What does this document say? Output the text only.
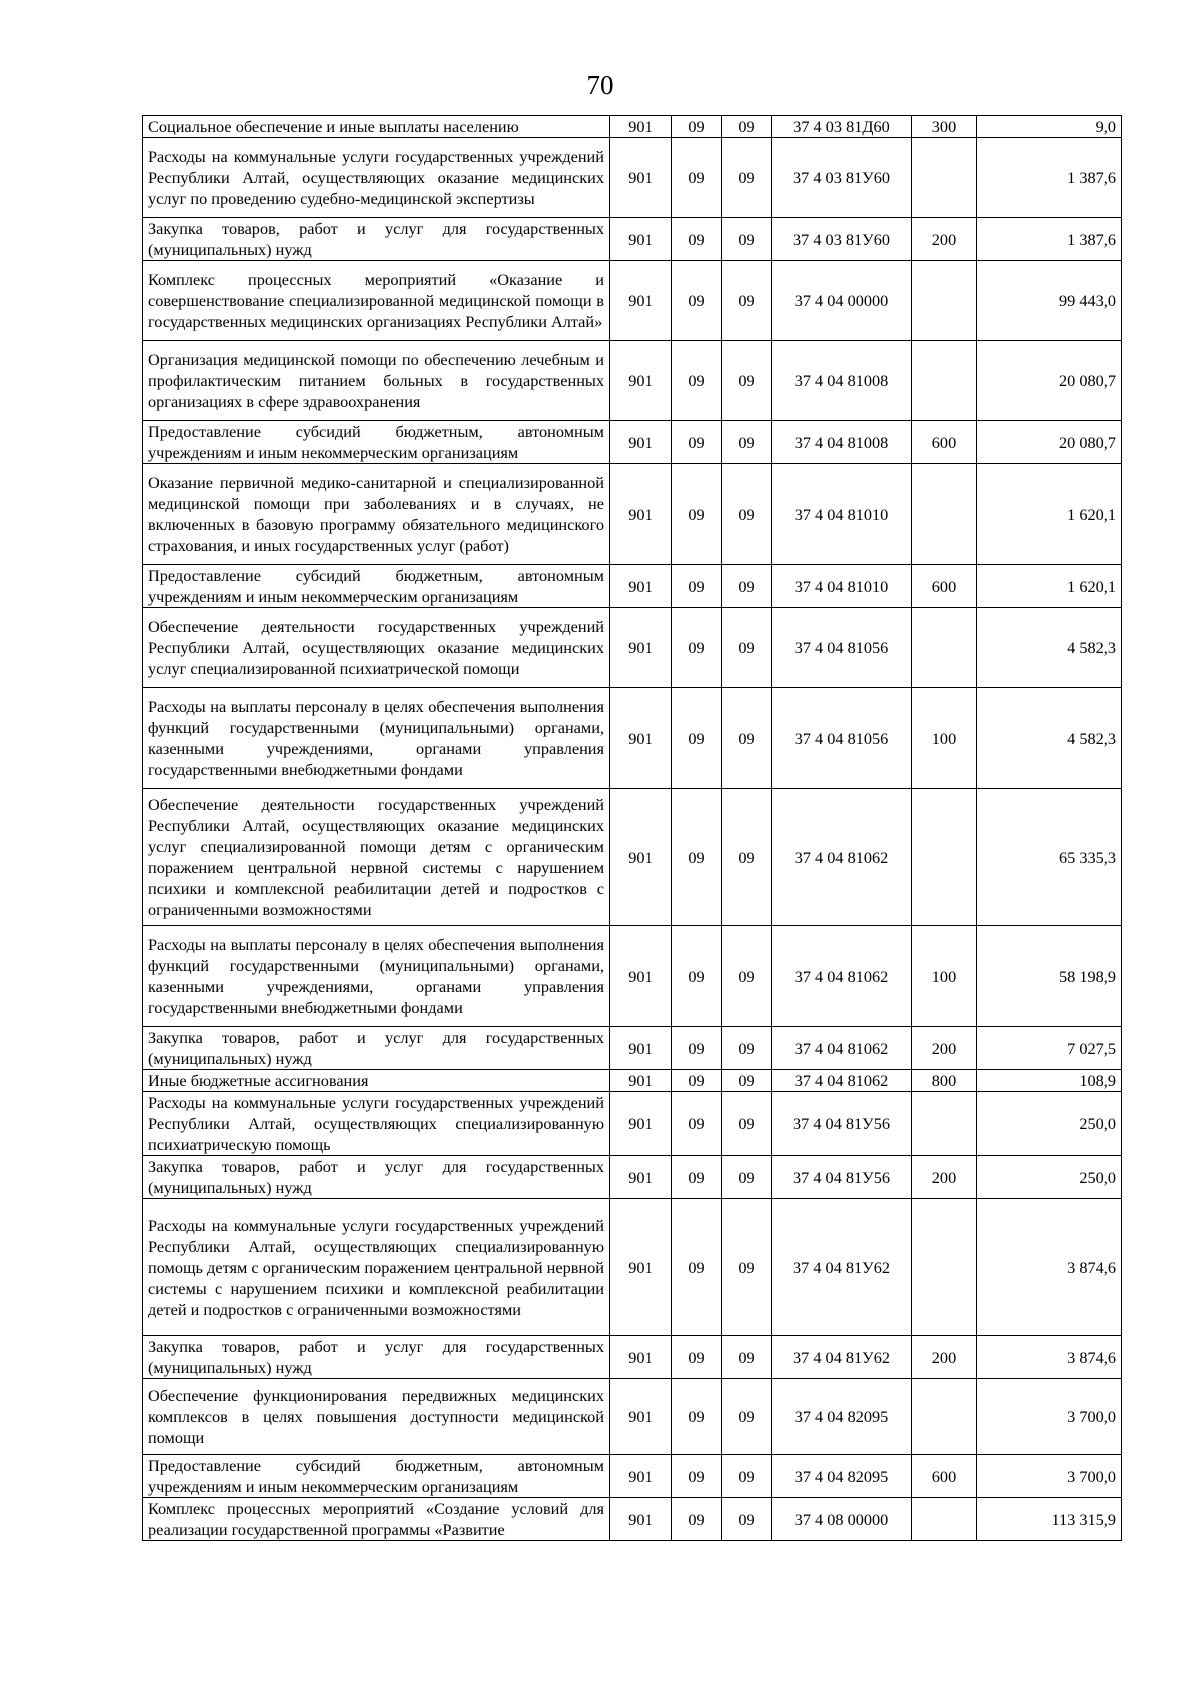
70
Социальное обеспечение и иные выплаты населению	901	09	09	37 4 03 81Д60	300	9,0
Расходы на коммунальные услуги государственных учреждений Республики Алтай, осуществляющих оказание медицинских услуг по проведению судебно-медицинской экспертизы	901	09	09	37 4 03 81У60		1 387,6
Закупка товаров, работ и услуг для государственных (муниципальных) нужд	901	09	09	37 4 03 81У60	200	1 387,6
Комплекс процессных мероприятий «Оказание и совершенствование специализированной медицинской помощи в государственных медицинских организациях Республики Алтай»	901	09	09	37 4 04 00000		99 443,0
Организация медицинской помощи по обеспечению лечебным и профилактическим питанием больных в государственных организациях в сфере здравоохранения	901	09	09	37 4 04 81008		20 080,7
Предоставление субсидий бюджетным, автономным учреждениям и иным некоммерческим организациям	901	09	09	37 4 04 81008	600	20 080,7
Оказание первичной медико-санитарной и специализированной медицинской помощи при заболеваниях и в случаях, не включенных в базовую программу обязательного медицинского страхования, и иных государственных услуг (работ)	901	09	09	37 4 04 81010		1 620,1
Предоставление субсидий бюджетным, автономным учреждениям и иным некоммерческим организациям	901	09	09	37 4 04 81010	600	1 620,1
Обеспечение деятельности государственных учреждений Республики Алтай, осуществляющих оказание медицинских услуг специализированной психиатрической помощи	901	09	09	37 4 04 81056		4 582,3
Расходы на выплаты персоналу в целях обеспечения выполнения функций государственными (муниципальными) органами, казенными учреждениями, органами управления государственными внебюджетными фондами	901	09	09	37 4 04 81056	100	4 582,3
Обеспечение деятельности государственных учреждений Республики Алтай, осуществляющих оказание медицинских услуг специализированной помощи детям с органическим поражением центральной нервной системы с нарушением психики и комплексной реабилитации детей и подростков с ограниченными возможностями	901	09	09	37 4 04 81062		65 335,3
Расходы на выплаты персоналу в целях обеспечения выполнения функций государственными (муниципальными) органами, казенными учреждениями, органами управления государственными внебюджетными фондами	901	09	09	37 4 04 81062	100	58 198,9
Закупка товаров, работ и услуг для государственных (муниципальных) нужд	901	09	09	37 4 04 81062	200	7 027,5
Иные бюджетные ассигнования	901	09	09	37 4 04 81062	800	108,9
Расходы на коммунальные услуги государственных учреждений Республики Алтай, осуществляющих специализированную психиатрическую помощь	901	09	09	37 4 04 81У56		250,0
Закупка товаров, работ и услуг для государственных (муниципальных) нужд	901	09	09	37 4 04 81У56	200	250,0
Расходы на коммунальные услуги государственных учреждений Республики Алтай, осуществляющих специализированную помощь детям с органическим поражением центральной нервной системы с нарушением психики и комплексной реабилитации детей и подростков с ограниченными возможностями	901	09	09	37 4 04 81У62		3 874,6
Закупка товаров, работ и услуг для государственных (муниципальных) нужд	901	09	09	37 4 04 81У62	200	3 874,6
Обеспечение функционирования передвижных медицинских комплексов в целях повышения доступности медицинской помощи	901	09	09	37 4 04 82095		3 700,0
Предоставление субсидий бюджетным, автономным учреждениям и иным некоммерческим организациям	901	09	09	37 4 04 82095	600	3 700,0
Комплекс процессных мероприятий «Создание условий для реализации государственной программы «Развитие	901	09	09	37 4 08 00000		113 315,9
